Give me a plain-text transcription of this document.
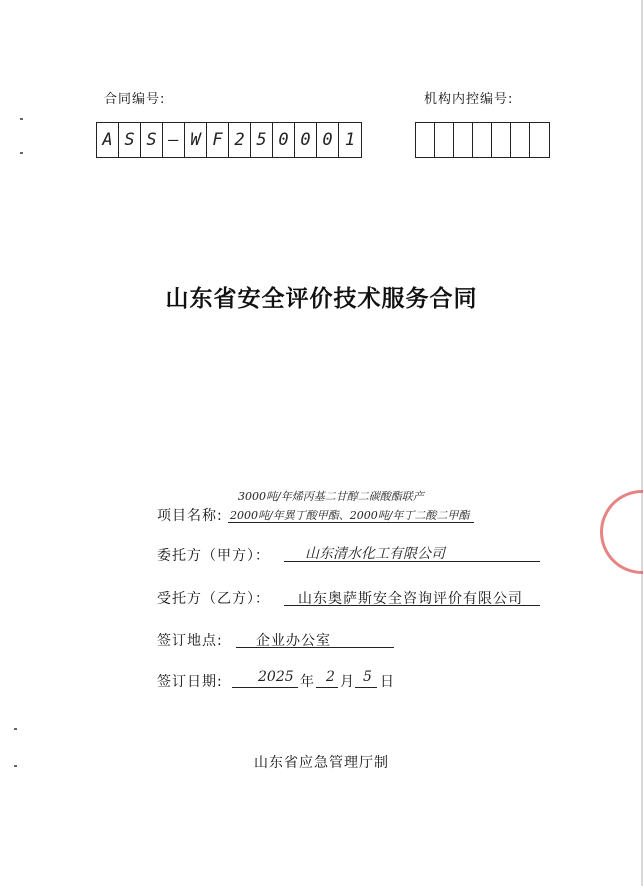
合同编号:	机构内控编号:
A S S — W F 2 5 0 0 0 1
山东省安全评价技术服务合同
项目名称:
3000吨/年烯丙基二甘醇二碳酸酯联产
2000吨/年異丁酸甲酯、2000吨/年丁二酸二甲酯
委托方（甲方）：	山东清水化工有限公司
受托方（乙方）： 山东奥萨斯安全咨询评价有限公司
签订地点: 企业办公室
签订日期:	2025 年 2 月 5 日
山东省应急管理厅制
